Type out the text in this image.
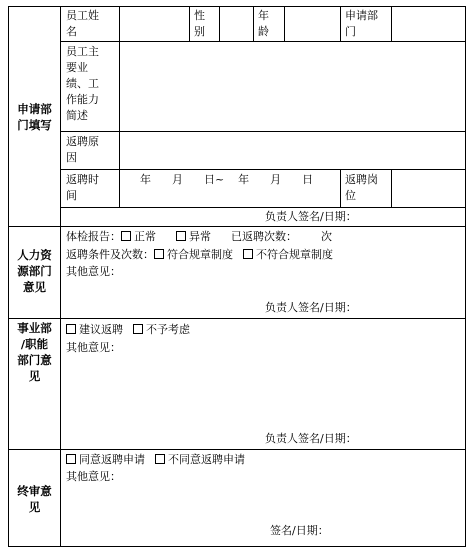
申请部
门填写
员工姓
名
性
别
年
龄
申请部
门
员工主
要业
绩、工
作能力
简述
返聘原
因
返聘时
间
年      月      日~    年      月      日	返聘岗
位
负责人签名/日期：
人力资
源部门
意见
体检报告： 正常	异常 已返聘次数： 次
返聘条件及次数： 符合规章制度 不符合规章制度
其他意见：
负责人签名/日期：
事业部
/职能
部门意
见
建议返聘 不予考虑
其他意见：
负责人签名/日期：
终审意
见
同意返聘申请 不同意返聘申请
其他意见：
签名/日期：
